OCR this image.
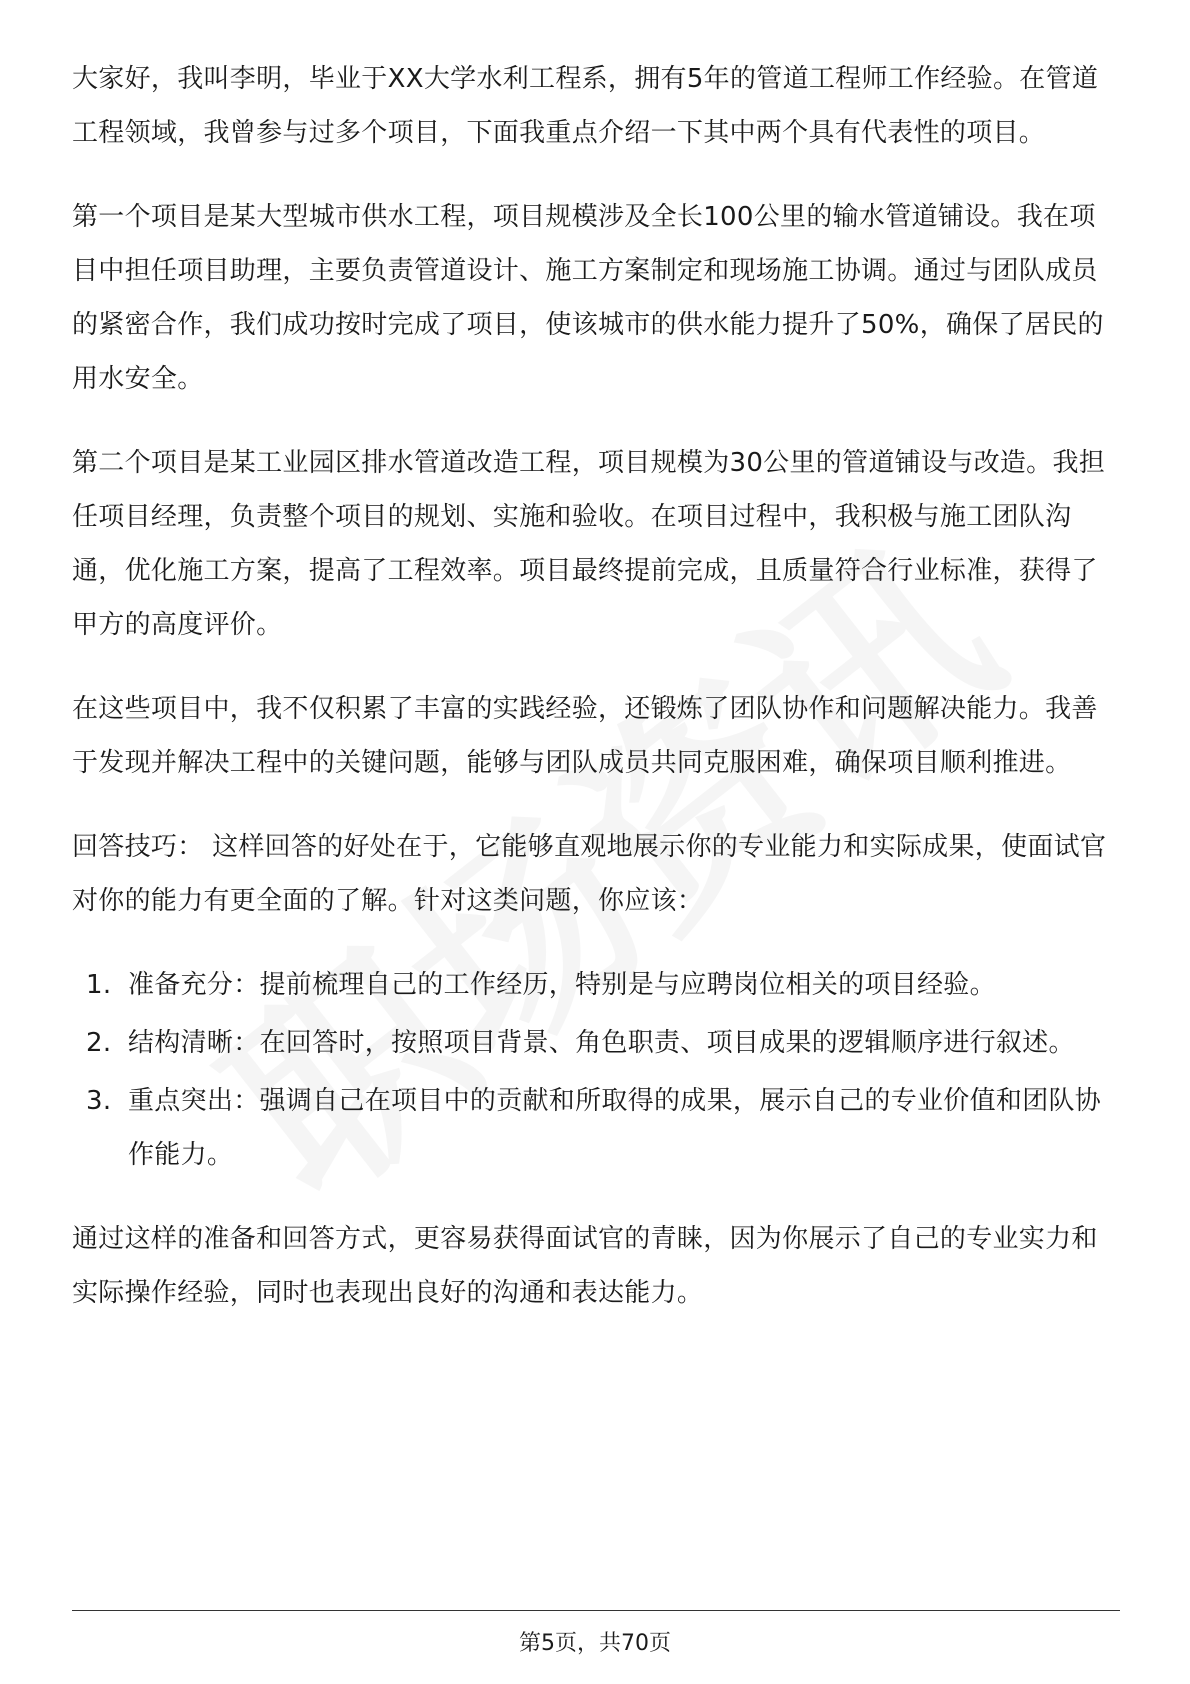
大家好，我叫李明，毕业于XX大学水利工程系，拥有5年的管道工程师工作经验。在管道工程领域，我曾参与过多个项目，下面我重点介绍一下其中两个具有代表性的项目。

第一个项目是某大型城市供水工程，项目规模涉及全长100公里的输水管道铺设。我在项目中担任项目助理，主要负责管道设计、施工方案制定和现场施工协调。通过与团队成员的紧密合作，我们成功按时完成了项目，使该城市的供水能力提升了50%，确保了居民的用水安全。

第二个项目是某工业园区排水管道改造工程，项目规模为30公里的管道铺设与改造。我担任项目经理，负责整个项目的规划、实施和验收。在项目过程中，我积极与施工团队沟通，优化施工方案，提高了工程效率。项目最终提前完成，且质量符合行业标准，获得了甲方的高度评价。

在这些项目中，我不仅积累了丰富的实践经验，还锻炼了团队协作和问题解决能力。我善于发现并解决工程中的关键问题，能够与团队成员共同克服困难，确保项目顺利推进。

回答技巧： 这样回答的好处在于，它能够直观地展示你的专业能力和实际成果，使面试官对你的能力有更全面的了解。针对这类问题，你应该：

1. 准备充分：提前梳理自己的工作经历，特别是与应聘岗位相关的项目经验。
2. 结构清晰：在回答时，按照项目背景、角色职责、项目成果的逻辑顺序进行叙述。
3. 重点突出：强调自己在项目中的贡献和所取得的成果，展示自己的专业价值和团队协作能力。

通过这样的准备和回答方式，更容易获得面试官的青睐，因为你展示了自己的专业实力和实际操作经验，同时也表现出良好的沟通和表达能力。

第5页，共70页
